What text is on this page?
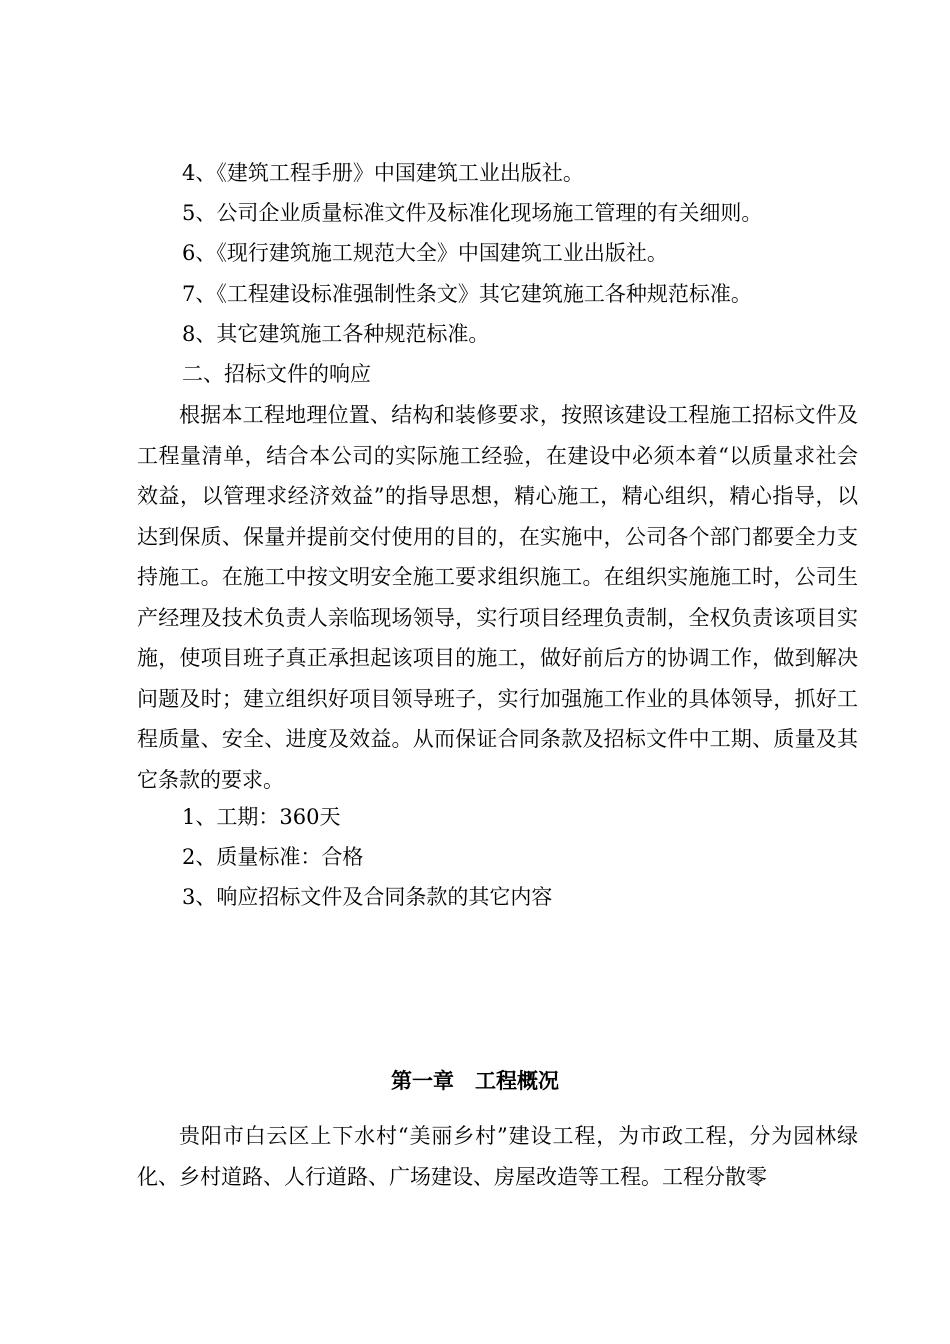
4、《建筑工程手册》中国建筑工业出版社。
5、公司企业质量标准文件及标准化现场施工管理的有关细则。
6、《现行建筑施工规范大全》中国建筑工业出版社。
7、《工程建设标准强制性条文》其它建筑施工各种规范标准。
8、其它建筑施工各种规范标准。
二、招标文件的响应

根据本工程地理位置、结构和装修要求，按照该建设工程施工招标文件及工程量清单，结合本公司的实际施工经验，在建设中必须本着“以质量求社会效益，以管理求经济效益”的指导思想，精心施工，精心组织，精心指导，以达到保质、保量并提前交付使用的目的，在实施中，公司各个部门都要全力支持施工。在施工中按文明安全施工要求组织施工。在组织实施施工时，公司生产经理及技术负责人亲临现场领导，实行项目经理负责制，全权负责该项目实施，使项目班子真正承担起该项目的施工，做好前后方的协调工作，做到解决问题及时；建立组织好项目领导班子，实行加强施工作业的具体领导，抓好工程质量、安全、进度及效益。从而保证合同条款及招标文件中工期、质量及其它条款的要求。

1、工期：360天
2、质量标准：合格
3、响应招标文件及合同条款的其它内容
第一章　工程概况

贵阳市白云区上下水村“美丽乡村”建设工程，为市政工程，分为园林绿化、乡村道路、人行道路、广场建设、房屋改造等工程。工程分散零
